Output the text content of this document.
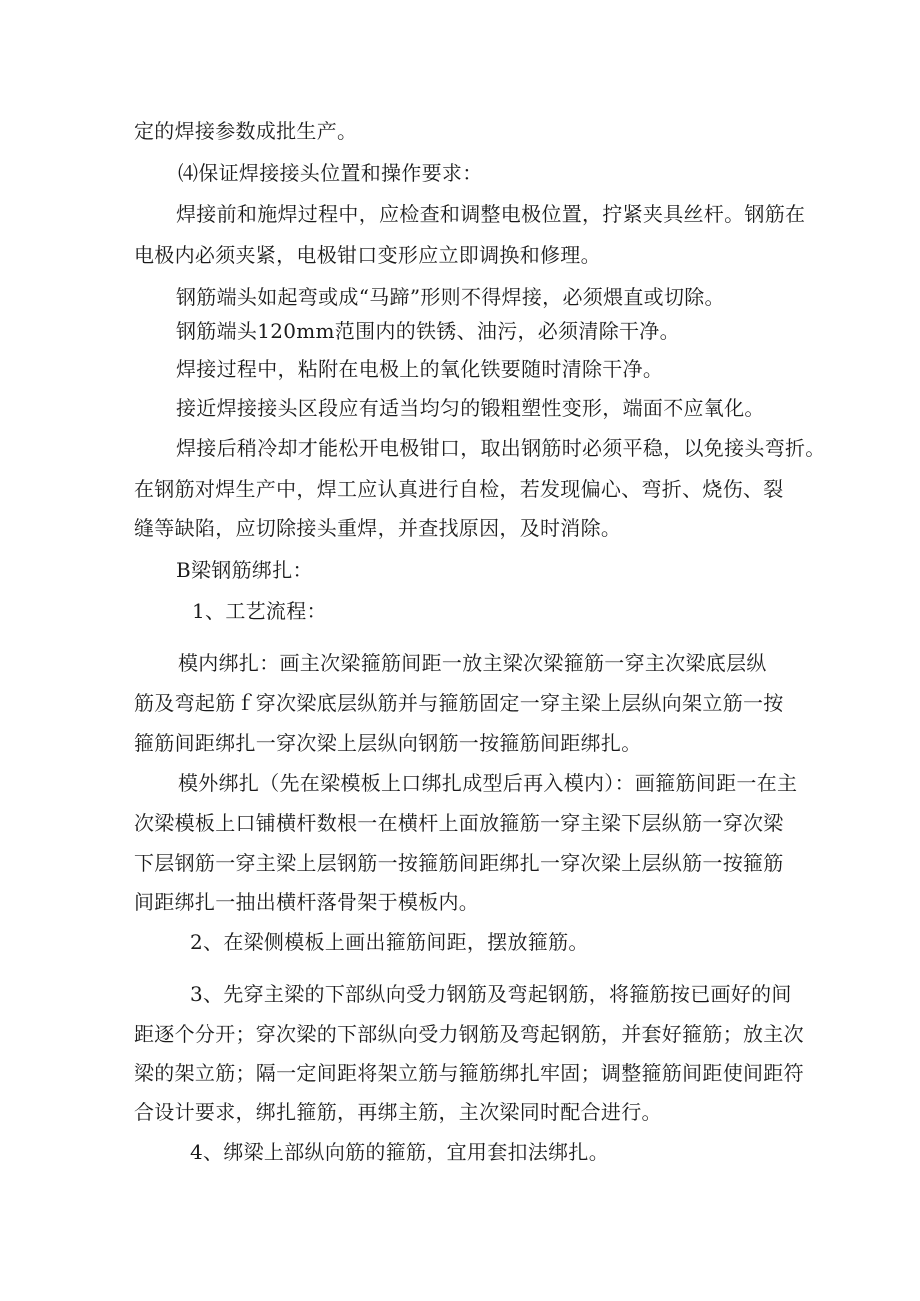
定的焊接参数成批生产。
⑷保证焊接接头位置和操作要求：
焊接前和施焊过程中，应检查和调整电极位置，拧紧夹具丝杆。钢筋在
电极内必须夹紧，电极钳口变形应立即调换和修理。
钢筋端头如起弯或成“马蹄”形则不得焊接，必须煨直或切除。
钢筋端头120mm范围内的铁锈、油污，必须清除干净。
焊接过程中，粘附在电极上的氧化铁要随时清除干净。
接近焊接接头区段应有适当均匀的锻粗塑性变形，端面不应氧化。
焊接后稍冷却才能松开电极钳口，取出钢筋时必须平稳，以免接头弯折。
在钢筋对焊生产中，焊工应认真进行自检，若发现偏心、弯折、烧伤、裂
缝等缺陷，应切除接头重焊，并查找原因，及时消除。
B梁钢筋绑扎：
1、工艺流程：
模内绑扎：画主次梁箍筋间距一放主梁次梁箍筋一穿主次梁底层纵
筋及弯起筋ｆ穿次梁底层纵筋并与箍筋固定一穿主梁上层纵向架立筋一按
箍筋间距绑扎一穿次梁上层纵向钢筋一按箍筋间距绑扎。
模外绑扎（先在梁模板上口绑扎成型后再入模内）：画箍筋间距一在主
次梁模板上口铺横杆数根一在横杆上面放箍筋一穿主梁下层纵筋一穿次梁
下层钢筋一穿主梁上层钢筋一按箍筋间距绑扎一穿次梁上层纵筋一按箍筋
间距绑扎一抽出横杆落骨架于模板内。
2、在梁侧模板上画出箍筋间距，摆放箍筋。
3、先穿主梁的下部纵向受力钢筋及弯起钢筋，将箍筋按已画好的间
距逐个分开；穿次梁的下部纵向受力钢筋及弯起钢筋，并套好箍筋；放主次
梁的架立筋；隔一定间距将架立筋与箍筋绑扎牢固；调整箍筋间距使间距符
合设计要求，绑扎箍筋，再绑主筋，主次梁同时配合进行。
4、绑梁上部纵向筋的箍筋，宜用套扣法绑扎。
